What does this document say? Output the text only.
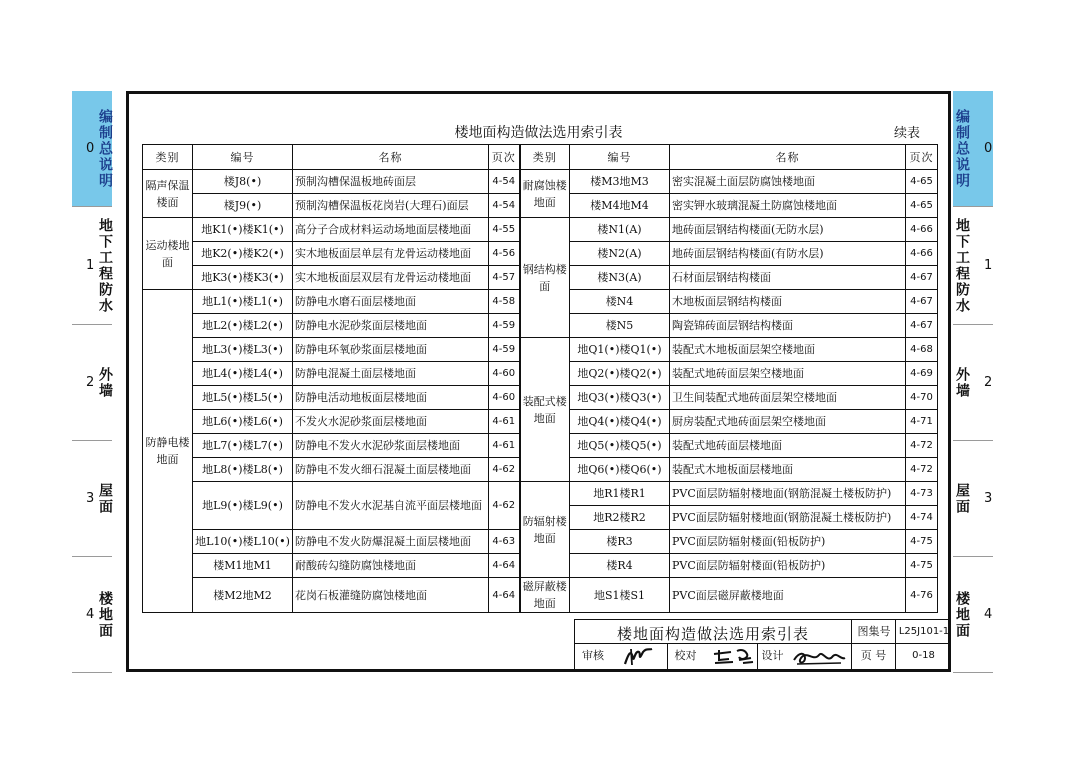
0 编制总说明
1 地下工程防水
2 外墙
3 屋面
4 楼地面
0
编制总说明
1
地下工程防水
2
外墙
3
屋面
4
楼地面
楼地面构造做法选用索引表	续表
类别	编号	名称	页次	类别	编号	名称	页次
隔声保温楼面	楼J8(•)	预制沟槽保温板地砖面层	4-54	耐腐蚀楼地面	楼M3地M3	密实混凝土面层防腐蚀楼地面	4-65
	楼J9(•)	预制沟槽保温板花岗岩(大理石)面层	4-54		楼M4地M4	密实钾水玻璃混凝土防腐蚀楼地面	4-65
运动楼地面	地K1(•)楼K1(•)	高分子合成材料运动场地面层楼地面	4-55	钢结构楼面	楼N1(A)	地砖面层钢结构楼面(无防水层)	4-66
	地K2(•)楼K2(•)	实木地板面层单层有龙骨运动楼地面	4-56		楼N2(A)	地砖面层钢结构楼面(有防水层)	4-66
	地K3(•)楼K3(•)	实木地板面层双层有龙骨运动楼地面	4-57		楼N3(A)	石材面层钢结构楼面	4-67
防静电楼地面	地L1(•)楼L1(•)	防静电水磨石面层楼地面	4-58		楼N4	木地板面层钢结构楼面	4-67
	地L2(•)楼L2(•)	防静电水泥砂浆面层楼地面	4-59		楼N5	陶瓷锦砖面层钢结构楼面	4-67
	地L3(•)楼L3(•)	防静电环氧砂浆面层楼地面	4-59	装配式楼地面	地Q1(•)楼Q1(•)	装配式木地板面层架空楼地面	4-68
	地L4(•)楼L4(•)	防静电混凝土面层楼地面	4-60		地Q2(•)楼Q2(•)	装配式地砖面层架空楼地面	4-69
	地L5(•)楼L5(•)	防静电活动地板面层楼地面	4-60		地Q3(•)楼Q3(•)	卫生间装配式地砖面层架空楼地面	4-70
	地L6(•)楼L6(•)	不发火水泥砂浆面层楼地面	4-61		地Q4(•)楼Q4(•)	厨房装配式地砖面层架空楼地面	4-71
	地L7(•)楼L7(•)	防静电不发火水泥砂浆面层楼地面	4-61		地Q5(•)楼Q5(•)	装配式地砖面层楼地面	4-72
	地L8(•)楼L8(•)	防静电不发火细石混凝土面层楼地面	4-62		地Q6(•)楼Q6(•)	装配式木地板面层楼地面	4-72
	地L9(•)楼L9(•)	防静电不发火水泥基自流平面层楼地面	4-62	防辐射楼地面	地R1楼R1	PVC面层防辐射楼地面(钢筋混凝土楼板防护)	4-73
					地R2楼R2	PVC面层防辐射楼地面(钢筋混凝土楼板防护)	4-74
	地L10(•)楼L10(•)	防静电不发火防爆混凝土面层楼地面	4-63		楼R3	PVC面层防辐射楼面(铅板防护)	4-75
	楼M1地M1	耐酸砖勾缝防腐蚀楼地面	4-64		楼R4	PVC面层防辐射楼面(铅板防护)	4-75
	楼M2地M2	花岗石板灌缝防腐蚀楼地面	4-64	磁屏蔽楼地面	地S1楼S1	PVC面层磁屏蔽楼地面	4-76
楼地面构造做法选用索引表	图集号 L25J101-1
审核	校对	设计	页 号	0-18
